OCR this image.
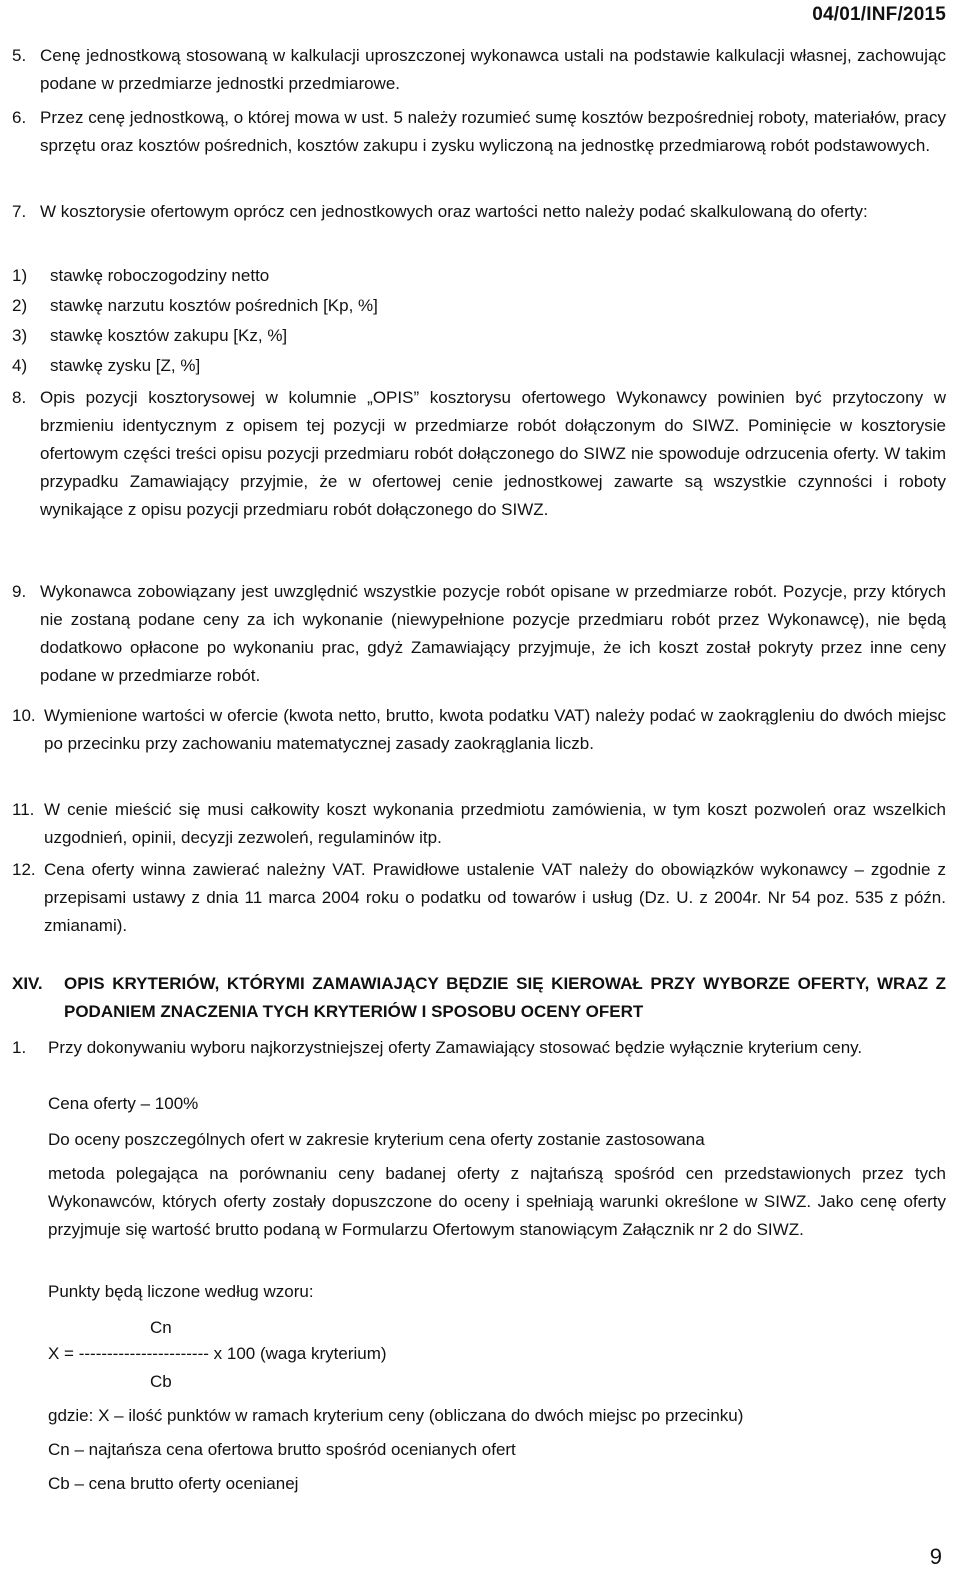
04/01/INF/2015
5. Cenę jednostkową stosowaną w kalkulacji uproszczonej wykonawca ustali na podstawie kalkulacji własnej, zachowując podane w przedmiarze jednostki przedmiarowe.
6. Przez cenę jednostkową, o której mowa w ust. 5 należy rozumieć sumę kosztów bezpośredniej roboty, materiałów, pracy sprzętu oraz kosztów pośrednich, kosztów zakupu i zysku wyliczoną na jednostkę przedmiarową robót podstawowych.
7. W kosztorysie ofertowym oprócz cen jednostkowych oraz wartości netto należy podać skalkulowaną do oferty:
1) stawkę roboczogodziny netto
2) stawkę narzutu kosztów pośrednich [Kp, %]
3) stawkę kosztów zakupu [Kz, %]
4) stawkę zysku [Z, %]
8. Opis pozycji kosztorysowej w kolumnie „OPIS” kosztorysu ofertowego Wykonawcy powinien być przytoczony w brzmieniu identycznym z opisem tej pozycji w przedmiarze robót dołączonym do SIWZ. Pominięcie w kosztorysie ofertowym części treści opisu pozycji przedmiaru robót dołączonego do SIWZ nie spowoduje odrzucenia oferty. W takim przypadku Zamawiający przyjmie, że w ofertowej cenie jednostkowej zawarte są wszystkie czynności i roboty wynikające z opisu pozycji przedmiaru robót dołączonego do SIWZ.
9. Wykonawca zobowiązany jest uwzględnić wszystkie pozycje robót opisane w przedmiarze robót. Pozycje, przy których nie zostaną podane ceny za ich wykonanie (niewypełnione pozycje przedmiaru robót przez Wykonawcę), nie będą dodatkowo opłacone po wykonaniu prac, gdyż Zamawiający przyjmuje, że ich koszt został pokryty przez inne ceny podane w przedmiarze robót.
10. Wymienione wartości w ofercie (kwota netto, brutto, kwota podatku VAT) należy podać w zaokrągleniu do dwóch miejsc po przecinku przy zachowaniu matematycznej zasady zaokrąglania liczb.
11. W cenie mieścić się musi całkowity koszt wykonania przedmiotu zamówienia, w tym koszt pozwoleń oraz wszelkich uzgodnień, opinii, decyzji zezwoleń, regulaminów itp.
12. Cena oferty winna zawierać należny VAT. Prawidłowe ustalenie VAT należy do obowiązków wykonawcy – zgodnie z przepisami ustawy z dnia 11 marca 2004 roku o podatku od towarów i usług (Dz. U. z 2004r. Nr 54 poz. 535 z późn. zmianami).
XIV. OPIS KRYTERIÓW, KTÓRYMI ZAMAWIAJĄCY BĘDZIE SIĘ KIEROWAŁ PRZY WYBORZE OFERTY, WRAZ Z PODANIEM ZNACZENIA TYCH KRYTERIÓW I SPOSOBU OCENY OFERT
1. Przy dokonywaniu wyboru najkorzystniejszej oferty Zamawiający stosować będzie wyłącznie kryterium ceny.
Cena oferty – 100%
Do oceny poszczególnych ofert w zakresie kryterium cena oferty zostanie zastosowana
metoda polegająca na porównaniu ceny badanej oferty z najtańszą spośród cen przedstawionych przez tych Wykonawców, których oferty zostały dopuszczone do oceny i spełniają warunki określone w SIWZ. Jako cenę oferty przyjmuje się wartość brutto podaną w Formularzu Ofertowym stanowiącym Załącznik nr 2 do SIWZ.
Punkty będą liczone według wzoru:
Cn
X = ----------------------- x 100 (waga kryterium)
Cb
gdzie: X – ilość punktów w ramach kryterium ceny (obliczana do dwóch miejsc po przecinku)
Cn – najtańsza cena ofertowa brutto spośród ocenianych ofert
Cb – cena brutto oferty ocenianej
9
